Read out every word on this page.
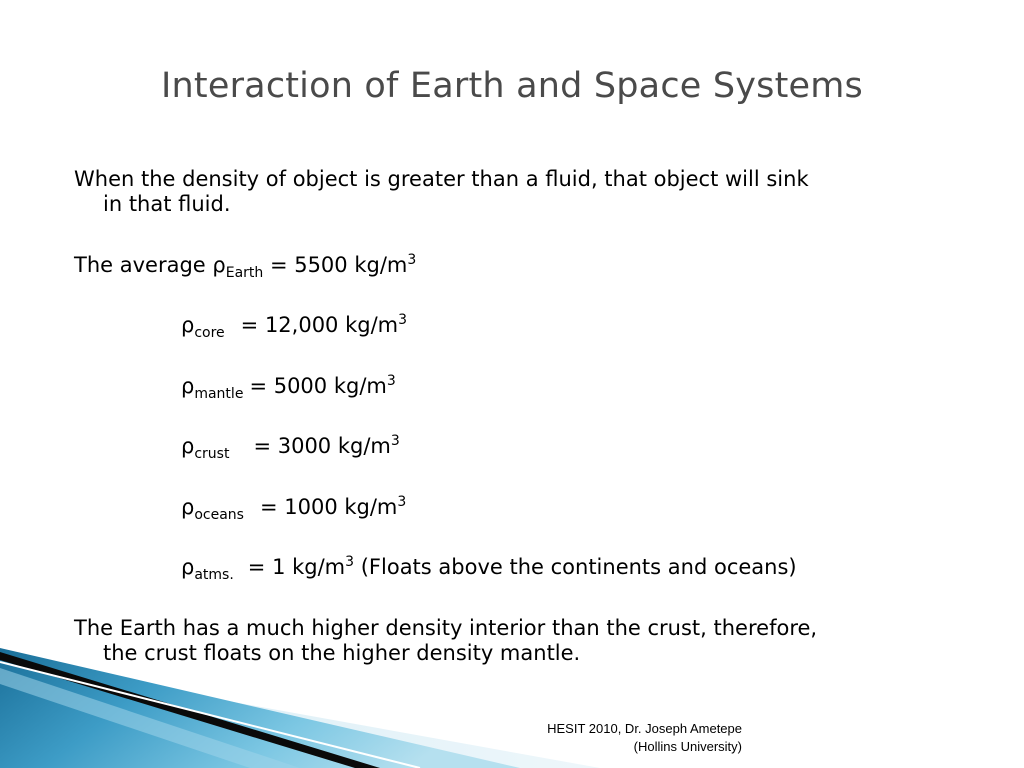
Interaction of Earth and Space Systems
When the density of object is greater than a fluid, that object will sink
in that fluid.
The average $\rho_{Earth} = 5500$ $kg/m^3$
$\rho_{core} = 12,000$ $kg/m^3$
$\rho_{mantle} = 5000$ $kg/m^3$
$\rho_{crust} = 3000$ $kg/m^3$
$\rho_{oceans} = 1000$ $kg/m^3$
$\rho_{atms.} = 1$ $kg/m^3$ (Floats above the continents and oceans)
The Earth has a much higher density interior than the crust, therefore,
the crust floats on the higher density mantle.
HESIT 2010, Dr. Joseph Ametepe
(Hollins University)
